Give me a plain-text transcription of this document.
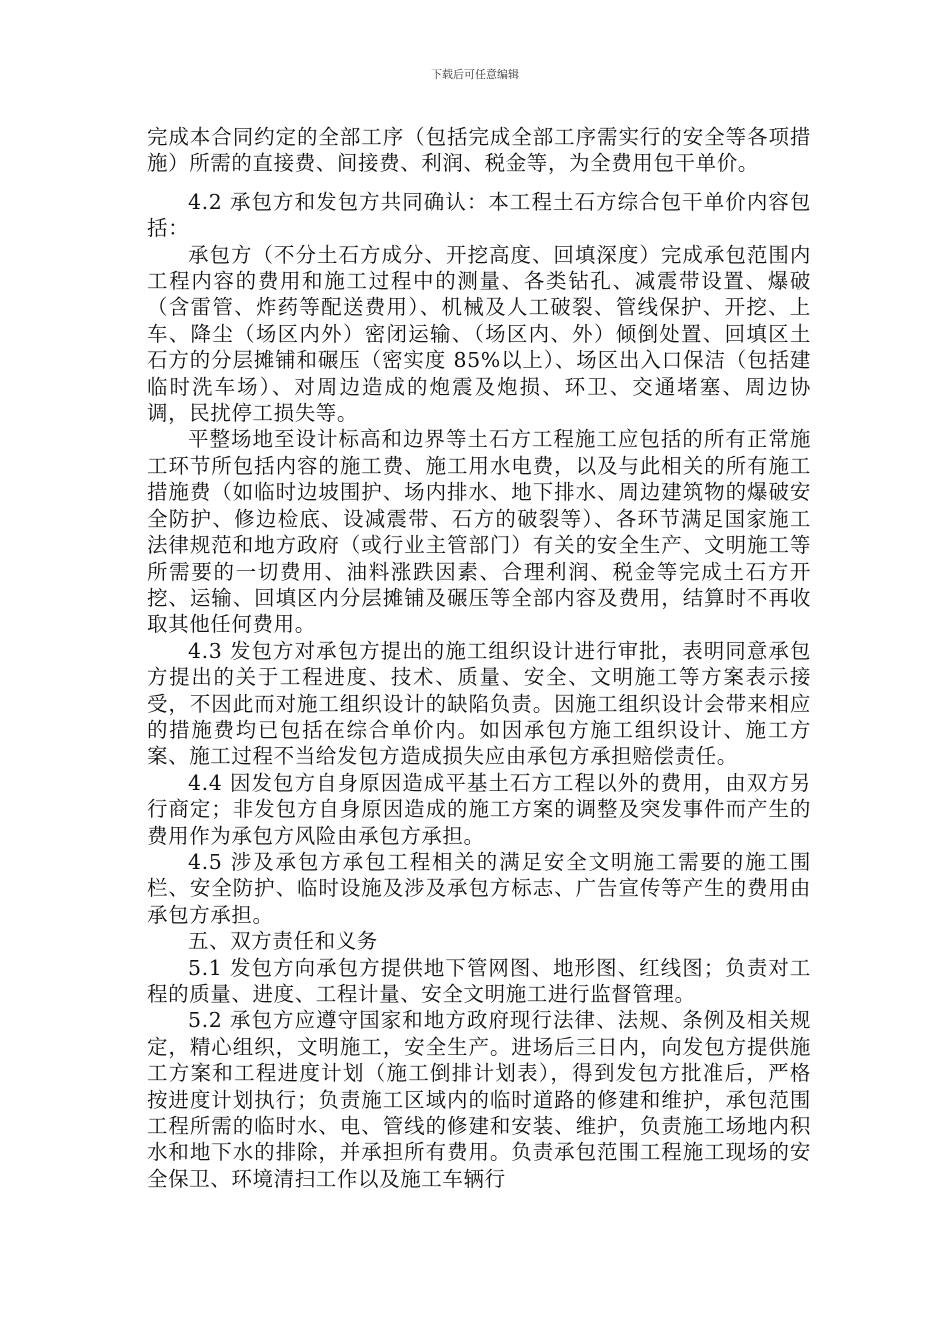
下载后可任意编辑

完成本合同约定的全部工序（包括完成全部工序需实行的安全等各项措施）所需的直接费、间接费、利润、税金等，为全费用包干单价。

4.2 承包方和发包方共同确认：本工程土石方综合包干单价内容包括：

承包方（不分土石方成分、开挖高度、回填深度）完成承包范围内工程内容的费用和施工过程中的测量、各类钻孔、减震带设置、爆破（含雷管、炸药等配送费用）、机械及人工破裂、管线保护、开挖、上车、降尘（场区内外）密闭运输、（场区内、外）倾倒处置、回填区土石方的分层摊铺和碾压（密实度 85%以上）、场区出入口保洁（包括建临时洗车场）、对周边造成的炮震及炮损、环卫、交通堵塞、周边协调，民扰停工损失等。

平整场地至设计标高和边界等土石方工程施工应包括的所有正常施工环节所包括内容的施工费、施工用水电费，以及与此相关的所有施工措施费（如临时边坡围护、场内排水、地下排水、周边建筑物的爆破安全防护、修边检底、设减震带、石方的破裂等）、各环节满足国家施工法律规范和地方政府（或行业主管部门）有关的安全生产、文明施工等所需要的一切费用、油料涨跌因素、合理利润、税金等完成土石方开挖、运输、回填区内分层摊铺及碾压等全部内容及费用，结算时不再收取其他任何费用。

4.3 发包方对承包方提出的施工组织设计进行审批，表明同意承包方提出的关于工程进度、技术、质量、安全、文明施工等方案表示接受，不因此而对施工组织设计的缺陷负责。因施工组织设计会带来相应的措施费均已包括在综合单价内。如因承包方施工组织设计、施工方案、施工过程不当给发包方造成损失应由承包方承担赔偿责任。

4.4 因发包方自身原因造成平基土石方工程以外的费用，由双方另行商定；非发包方自身原因造成的施工方案的调整及突发事件而产生的费用作为承包方风险由承包方承担。

4.5 涉及承包方承包工程相关的满足安全文明施工需要的施工围栏、安全防护、临时设施及涉及承包方标志、广告宣传等产生的费用由承包方承担。

五、双方责任和义务

5.1 发包方向承包方提供地下管网图、地形图、红线图；负责对工程的质量、进度、工程计量、安全文明施工进行监督管理。

5.2 承包方应遵守国家和地方政府现行法律、法规、条例及相关规定，精心组织，文明施工，安全生产。进场后三日内，向发包方提供施工方案和工程进度计划（施工倒排计划表），得到发包方批准后，严格按进度计划执行；负责施工区域内的临时道路的修建和维护，承包范围工程所需的临时水、电、管线的修建和安装、维护，负责施工场地内积水和地下水的排除，并承担所有费用。负责承包范围工程施工现场的安全保卫、环境清扫工作以及施工车辆行
